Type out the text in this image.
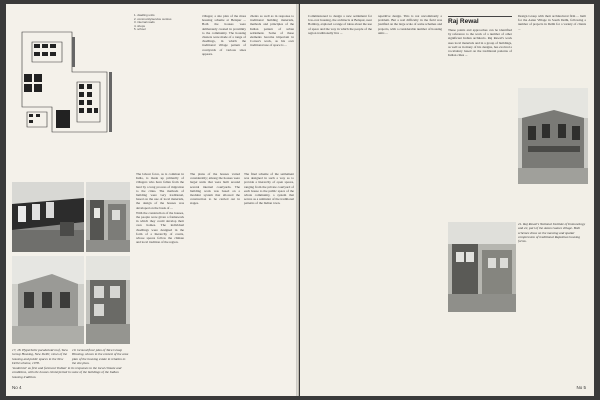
1. dwelling units
2. community/service centres
3. internal roads
4. shops
5. school

villages; a site plan of the mass housing scheme at Belapur ... Both the houses were deliberately created in proximity to the community. The housing clusters were made of a range of dwellings, in which the traditional village pattern of courtyards of various sizes appears.

clients as well as in response to traditional building materials, methods and principles of the Indian pattern of urban settlement. Some of these elements become important in Correa's work, as his own traditional use of space is ...

17, 18. Hyperbolic paraboloid roof, Tara Group Housing, New Delhi; views of the housing and public spaces in the New Delhi scheme, 1978.
19. Ground floor plan of Tara Group Housing, shown in the context of the area plan of the housing estate in relation to the site plan.

The labour force, as is common in India, is made up primarily of villagers who have fallen from the land by a long process of migration to the cities. The methods of building were very traditional, based on the use of local materials, the design of the houses was developed on the basis of ...

With the construction of the houses, the people were given a framework in which they could develop their own homes. The individual dwellings were designed in the form of a hierarchy of courts, whose spaces follow the climate and local tradition of the region.

The plans of the houses varied considerably; among the houses were larger units that were built around several internal courtyards. The building work was based on a modular system that allowed the construction to be carried out in stages.

The final scheme of the settlement was designed in such a way as to provide a hierarchy of open spaces, ranging from the private courtyard of each house to the public space of the whole community, a system that serves as a reminder of the traditional patterns of the Indian town.

'modernist' as first and foremost 'Indian' in its responses to the local climate and conditions, with the houses reinterpreted in some of the buildings of the Indian housing tradition.
No 4

Commissioned to design a new settlement for low-cost housing, the architects at Belapur, near Bombay, explored a range of ideas about the use of space and the way in which the people of the region traditionally live ...

repetitive design. This is not uncommonly a problem. But a real difficulty in the field was justified on the large scale of some schemes and projects, with a considerable number of housing units ...

Raj Rewal

These points and approaches can be identified by reference to the work of a number of other significant Indian architects. Raj Rewal's work uses local materials and in a group of buildings, as well as in many of his designs, has evolved a vocabulary based on the traditional patterns of Indian cities ...

Design Group with their architectural firm ... built for the Asian Village in South Delhi, following a number of projects in Delhi for a variety of clients ...

21. Raj Rewal's National Institute of Immunology and 22, part of the Asian Games village. Both schemes draw on the massing and spatial compression of traditional Rajasthan housing forms.
No 5
